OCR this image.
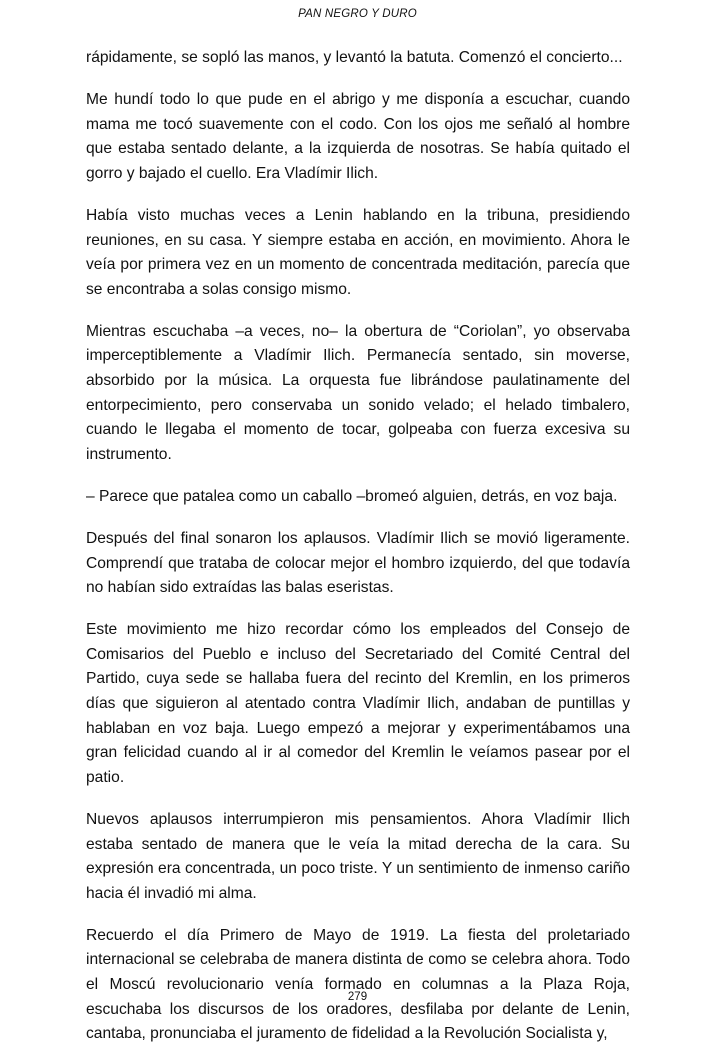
PAN NEGRO Y DURO

rápidamente, se sopló las manos, y levantó la batuta. Comenzó el concierto...

Me hundí todo lo que pude en el abrigo y me disponía a escuchar, cuando mama me tocó suavemente con el codo. Con los ojos me señaló al hombre que estaba sentado delante, a la izquierda de nosotras. Se había quitado el gorro y bajado el cuello. Era Vladímir Ilich.

Había visto muchas veces a Lenin hablando en la tribuna, presidiendo reuniones, en su casa. Y siempre estaba en acción, en movimiento. Ahora le veía por primera vez en un momento de concentrada meditación, parecía que se encontraba a solas consigo mismo.

Mientras escuchaba –a veces, no– la obertura de “Coriolan”, yo observaba imperceptiblemente a Vladímir Ilich. Permanecía sentado, sin moverse, absorbido por la música. La orquesta fue librándose paulatinamente del entorpecimiento, pero conservaba un sonido velado; el helado timbalero, cuando le llegaba el momento de tocar, golpeaba con fuerza excesiva su instrumento.

– Parece que patalea como un caballo –bromeó alguien, detrás, en voz baja.

Después del final sonaron los aplausos. Vladímir Ilich se movió ligeramente. Comprendí que trataba de colocar mejor el hombro izquierdo, del que todavía no habían sido extraídas las balas eseristas.

Este movimiento me hizo recordar cómo los empleados del Consejo de Comisarios del Pueblo e incluso del Secretariado del Comité Central del Partido, cuya sede se hallaba fuera del recinto del Kremlin, en los primeros días que siguieron al atentado contra Vladímir Ilich, andaban de puntillas y hablaban en voz baja. Luego empezó a mejorar y experimentábamos una gran felicidad cuando al ir al comedor del Kremlin le veíamos pasear por el patio.

Nuevos aplausos interrumpieron mis pensamientos. Ahora Vladímir Ilich estaba sentado de manera que le veía la mitad derecha de la cara. Su expresión era concentrada, un poco triste. Y un sentimiento de inmenso cariño hacia él invadió mi alma.

Recuerdo el día Primero de Mayo de 1919. La fiesta del proletariado internacional se celebraba de manera distinta de como se celebra ahora. Todo el Moscú revolucionario venía formado en columnas a la Plaza Roja, escuchaba los discursos de los oradores, desfilaba por delante de Lenin, cantaba, pronunciaba el juramento de fidelidad a la Revolución Socialista y,

279
